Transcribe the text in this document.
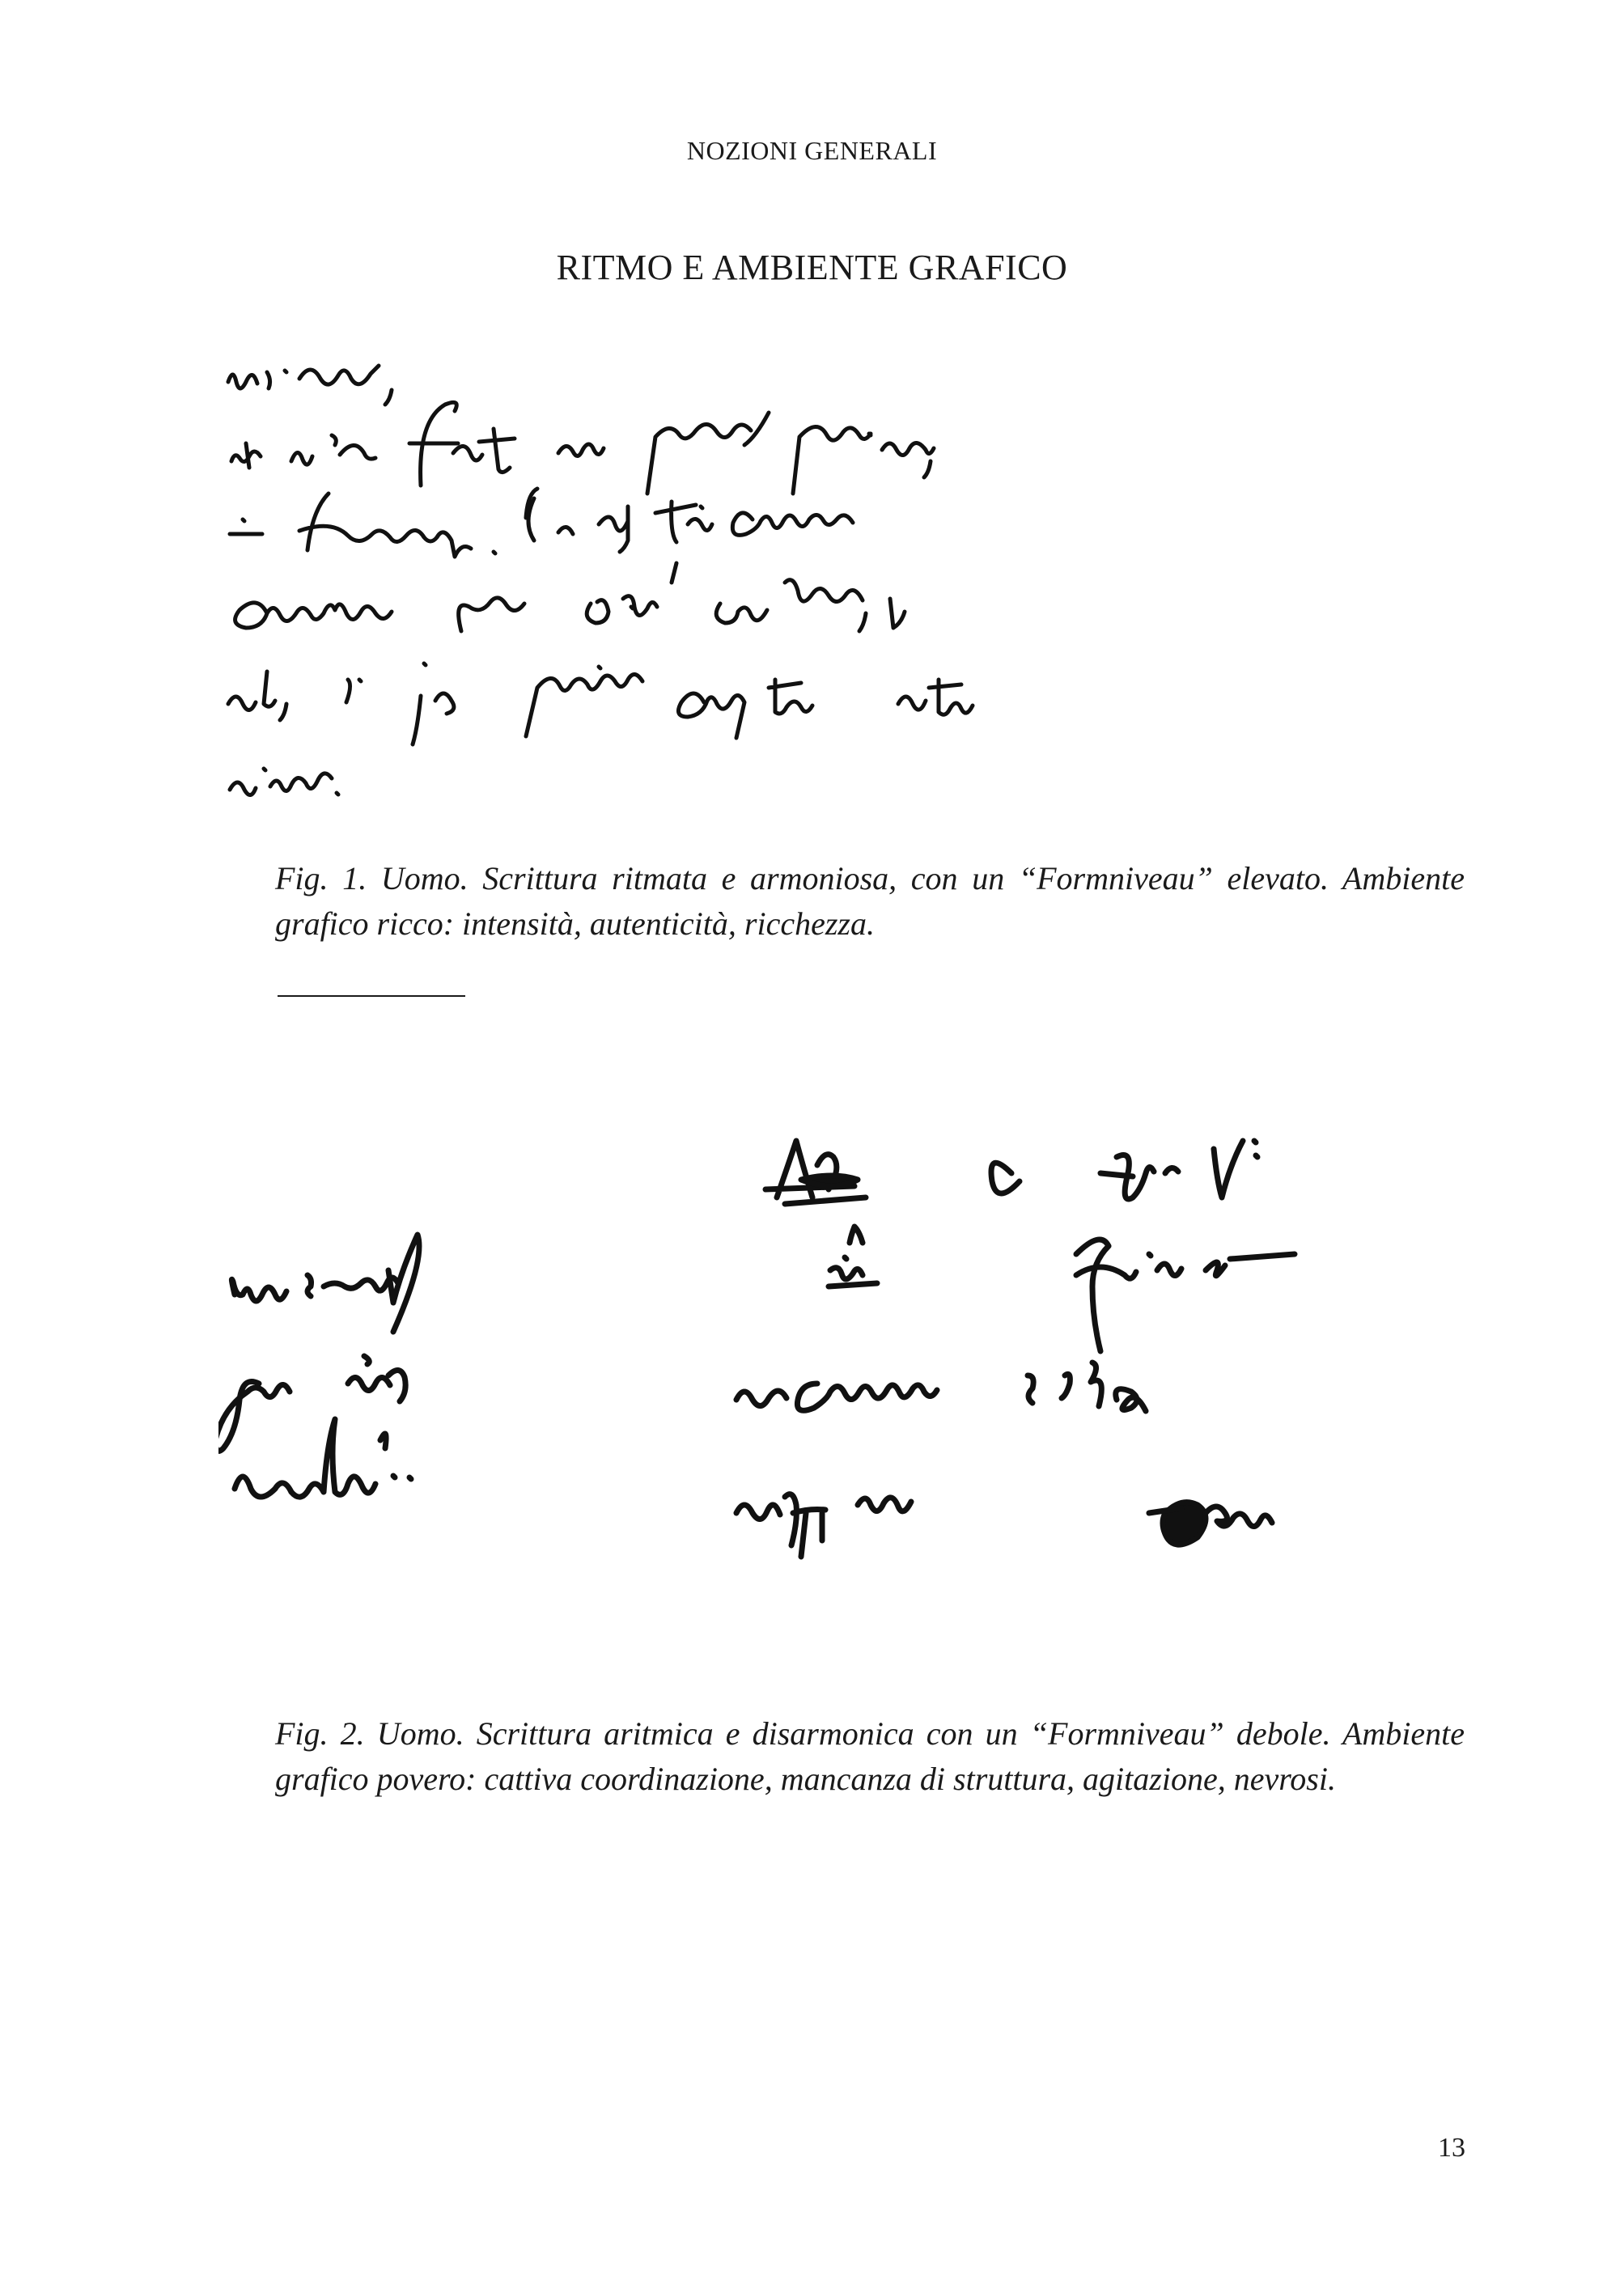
NOZIONI GENERALI
RITMO E AMBIENTE GRAFICO
Fig. 1. Uomo. Scrittura ritmata e armoniosa, con un “Formniveau” elevato. Ambiente grafico ricco: intensità, autenticità, ricchezza.
Fig. 2. Uomo. Scrittura aritmica e disarmonica con un “Formniveau” debole. Ambiente grafico povero: cattiva coordinazione, mancanza di struttura, agitazione, nevrosi.
13
